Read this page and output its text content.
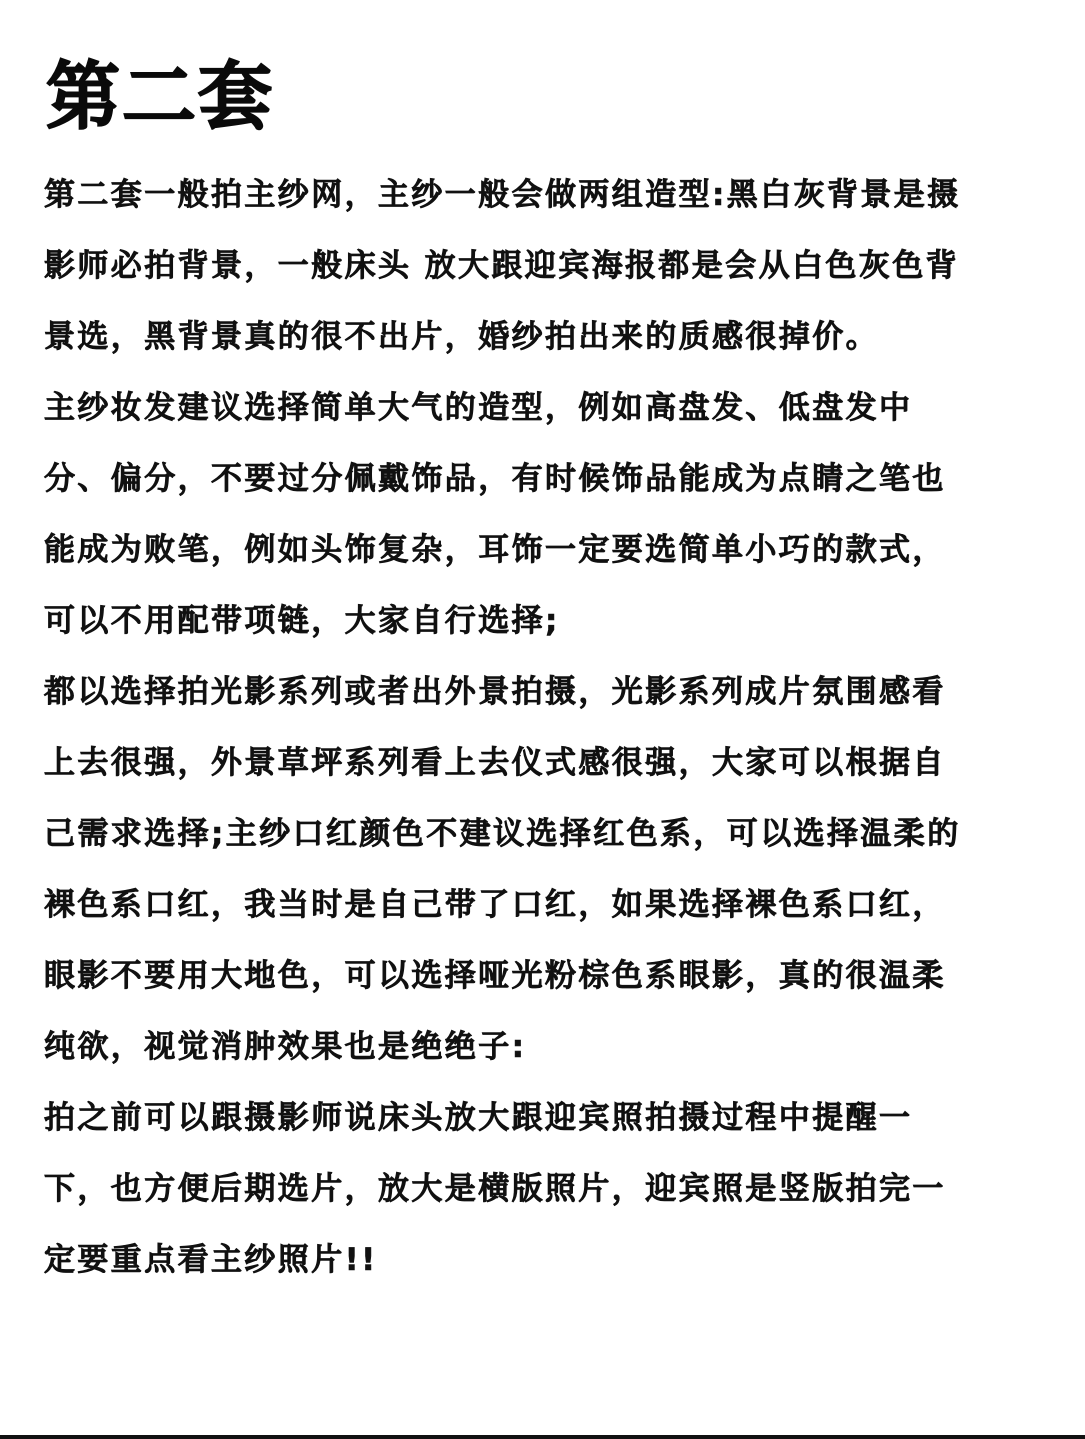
第二套
第二套一般拍主纱网，主纱一般会做两组造型:黑白灰背景是摄
影师必拍背景，一般床头 放大跟迎宾海报都是会从白色灰色背
景选，黑背景真的很不出片，婚纱拍出来的质感很掉价。
主纱妆发建议选择简单大气的造型，例如高盘发、低盘发中
分、偏分，不要过分佩戴饰品，有时候饰品能成为点睛之笔也
能成为败笔，例如头饰复杂，耳饰一定要选简单小巧的款式，
可以不用配带项链，大家自行选择;
都以选择拍光影系列或者出外景拍摄，光影系列成片氛围感看
上去很强，外景草坪系列看上去仪式感很强，大家可以根据自
己需求选择;主纱口红颜色不建议选择红色系，可以选择温柔的
裸色系口红，我当时是自己带了口红，如果选择裸色系口红，
眼影不要用大地色，可以选择哑光粉棕色系眼影，真的很温柔
纯欲，视觉消肿效果也是绝绝子:
拍之前可以跟摄影师说床头放大跟迎宾照拍摄过程中提醒一
下，也方便后期选片，放大是横版照片，迎宾照是竖版拍完一
定要重点看主纱照片!!
